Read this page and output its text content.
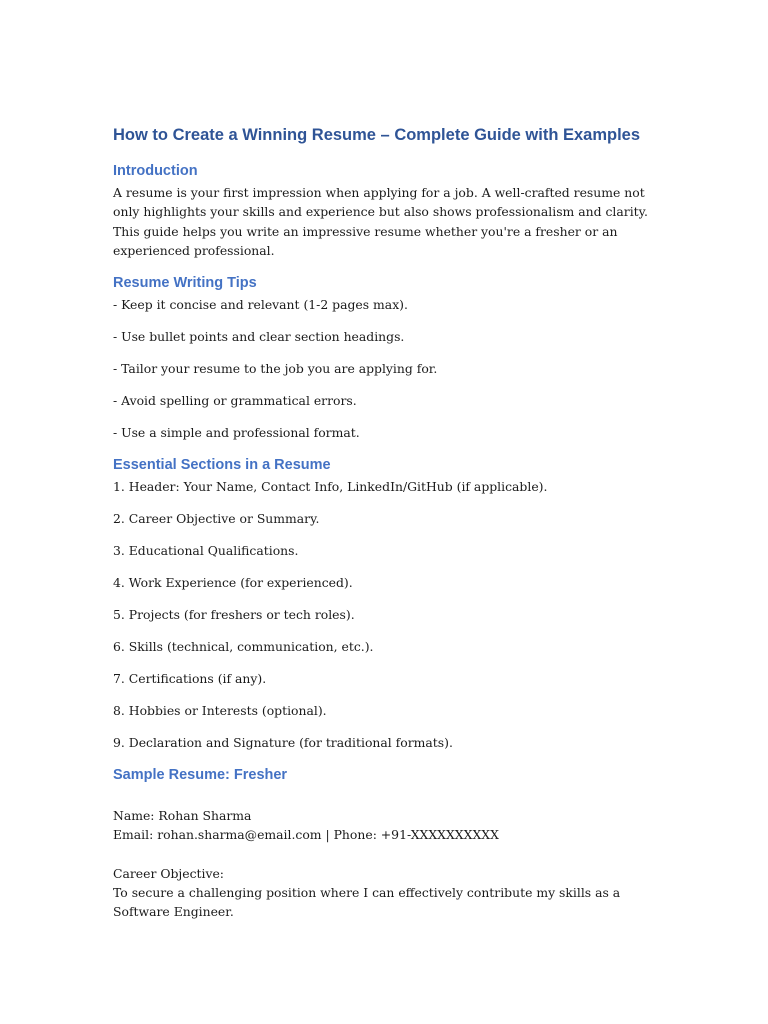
How to Create a Winning Resume – Complete Guide with Examples
Introduction

A resume is your first impression when applying for a job. A well-crafted resume not only highlights your skills and experience but also shows professionalism and clarity. This guide helps you write an impressive resume whether you're a fresher or an experienced professional.

Resume Writing Tips

- Keep it concise and relevant (1-2 pages max).

- Use bullet points and clear section headings.

- Tailor your resume to the job you are applying for.

- Avoid spelling or grammatical errors.

- Use a simple and professional format.

Essential Sections in a Resume

1. Header: Your Name, Contact Info, LinkedIn/GitHub (if applicable).

2. Career Objective or Summary.

3. Educational Qualifications.

4. Work Experience (for experienced).

5. Projects (for freshers or tech roles).

6. Skills (technical, communication, etc.).

7. Certifications (if any).

8. Hobbies or Interests (optional).

9. Declaration and Signature (for traditional formats).

Sample Resume: Fresher

Name: Rohan Sharma

Email: rohan.sharma@email.com | Phone: +91-XXXXXXXXXX

Career Objective:

To secure a challenging position where I can effectively contribute my skills as a Software Engineer.
